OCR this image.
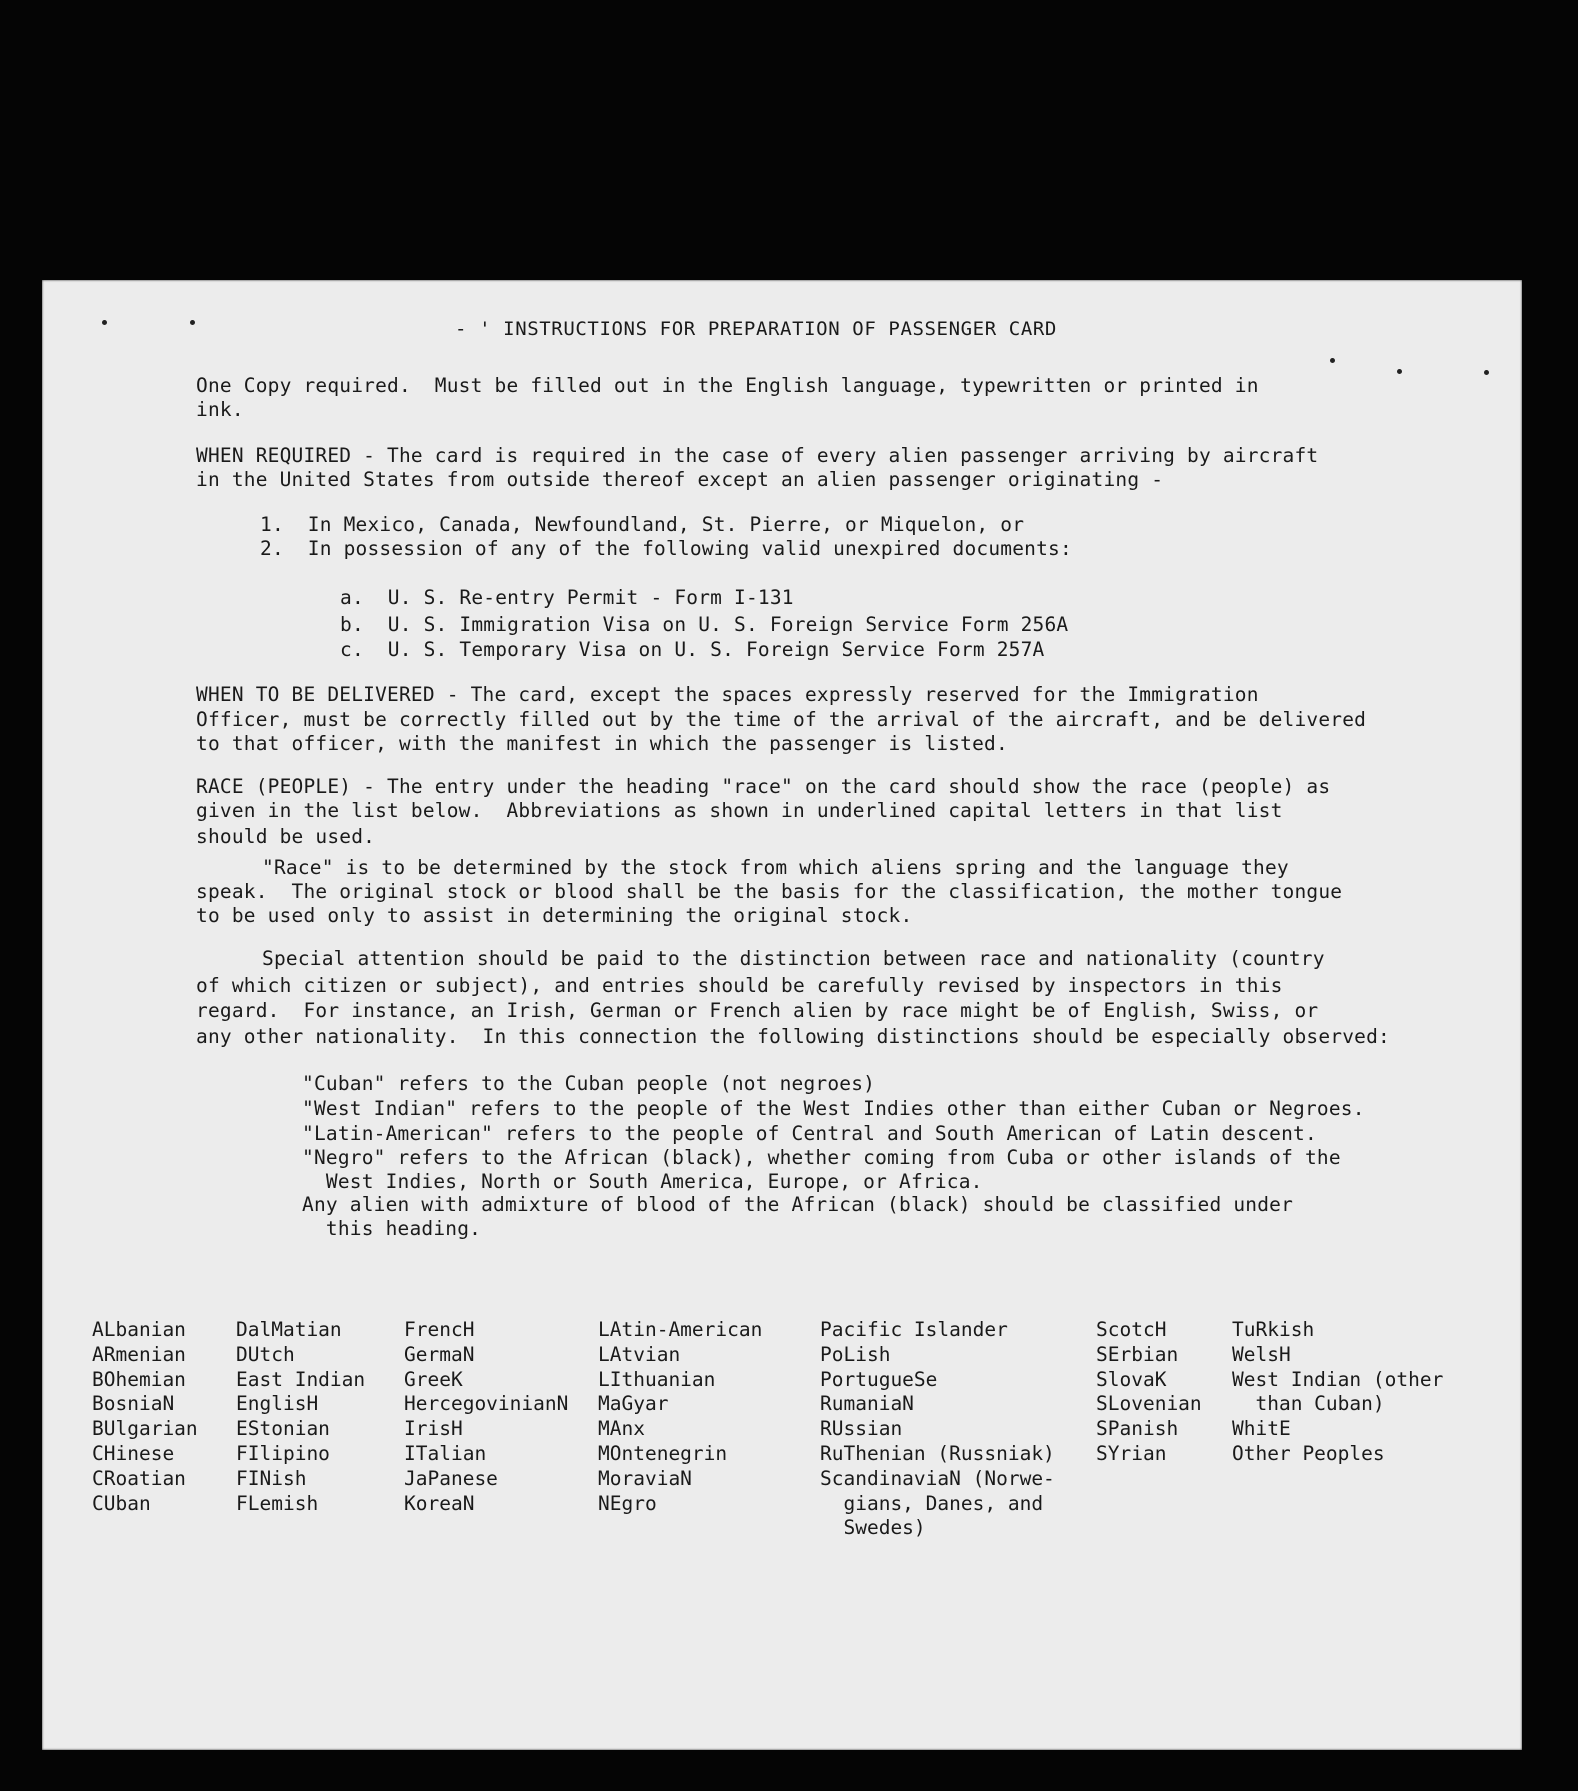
- ' INSTRUCTIONS FOR PREPARATION OF PASSENGER CARD
One Copy required.  Must be filled out in the English language, typewritten or printed in
ink.
WHEN REQUIRED - The card is required in the case of every alien passenger arriving by aircraft
in the United States from outside thereof except an alien passenger originating -
1.  In Mexico, Canada, Newfoundland, St. Pierre, or Miquelon, or
2.  In possession of any of the following valid unexpired documents:
a.  U. S. Re-entry Permit - Form I-131
b.  U. S. Immigration Visa on U. S. Foreign Service Form 256A
c.  U. S. Temporary Visa on U. S. Foreign Service Form 257A
WHEN TO BE DELIVERED - The card, except the spaces expressly reserved for the Immigration
Officer, must be correctly filled out by the time of the arrival of the aircraft, and be delivered
to that officer, with the manifest in which the passenger is listed.
RACE (PEOPLE) - The entry under the heading "race" on the card should show the race (people) as
given in the list below.  Abbreviations as shown in underlined capital letters in that list
should be used.
"Race" is to be determined by the stock from which aliens spring and the language they
speak.  The original stock or blood shall be the basis for the classification, the mother tongue
to be used only to assist in determining the original stock.
Special attention should be paid to the distinction between race and nationality (country
of which citizen or subject), and entries should be carefully revised by inspectors in this
regard.  For instance, an Irish, German or French alien by race might be of English, Swiss, or
any other nationality.  In this connection the following distinctions should be especially observed:
"Cuban" refers to the Cuban people (not negroes)
"West Indian" refers to the people of the West Indies other than either Cuban or Negroes.
"Latin-American" refers to the people of Central and South American of Latin descent.
"Negro" refers to the African (black), whether coming from Cuba or other islands of the
West Indies, North or South America, Europe, or Africa.
Any alien with admixture of blood of the African (black) should be classified under
this heading.
ALbanian
ARmenian
BOhemian
BosniaN
BUlgarian
CHinese
CRoatian
CUban
DalMatian
DUtch
East Indian
EnglisH
EStonian
FIlipino
FINish
FLemish
FrencH
GermaN
GreeK
HercegovinianN
IrisH
ITalian
JaPanese
KoreaN
LAtin-American
LAtvian
LIthuanian
MaGyar
MAnx
MOntenegrin
MoraviaN
NEgro
Pacific Islander
PoLish
PortugueSe
RumaniaN
RUssian
RuThenian (Russniak)
ScandinaviaN (Norwe-
gians, Danes, and
Swedes)
ScotcH
SErbian
SlovaK
SLovenian
SPanish
SYrian
TuRkish
WelsH
West Indian (other
than Cuban)
WhitE
Other Peoples
